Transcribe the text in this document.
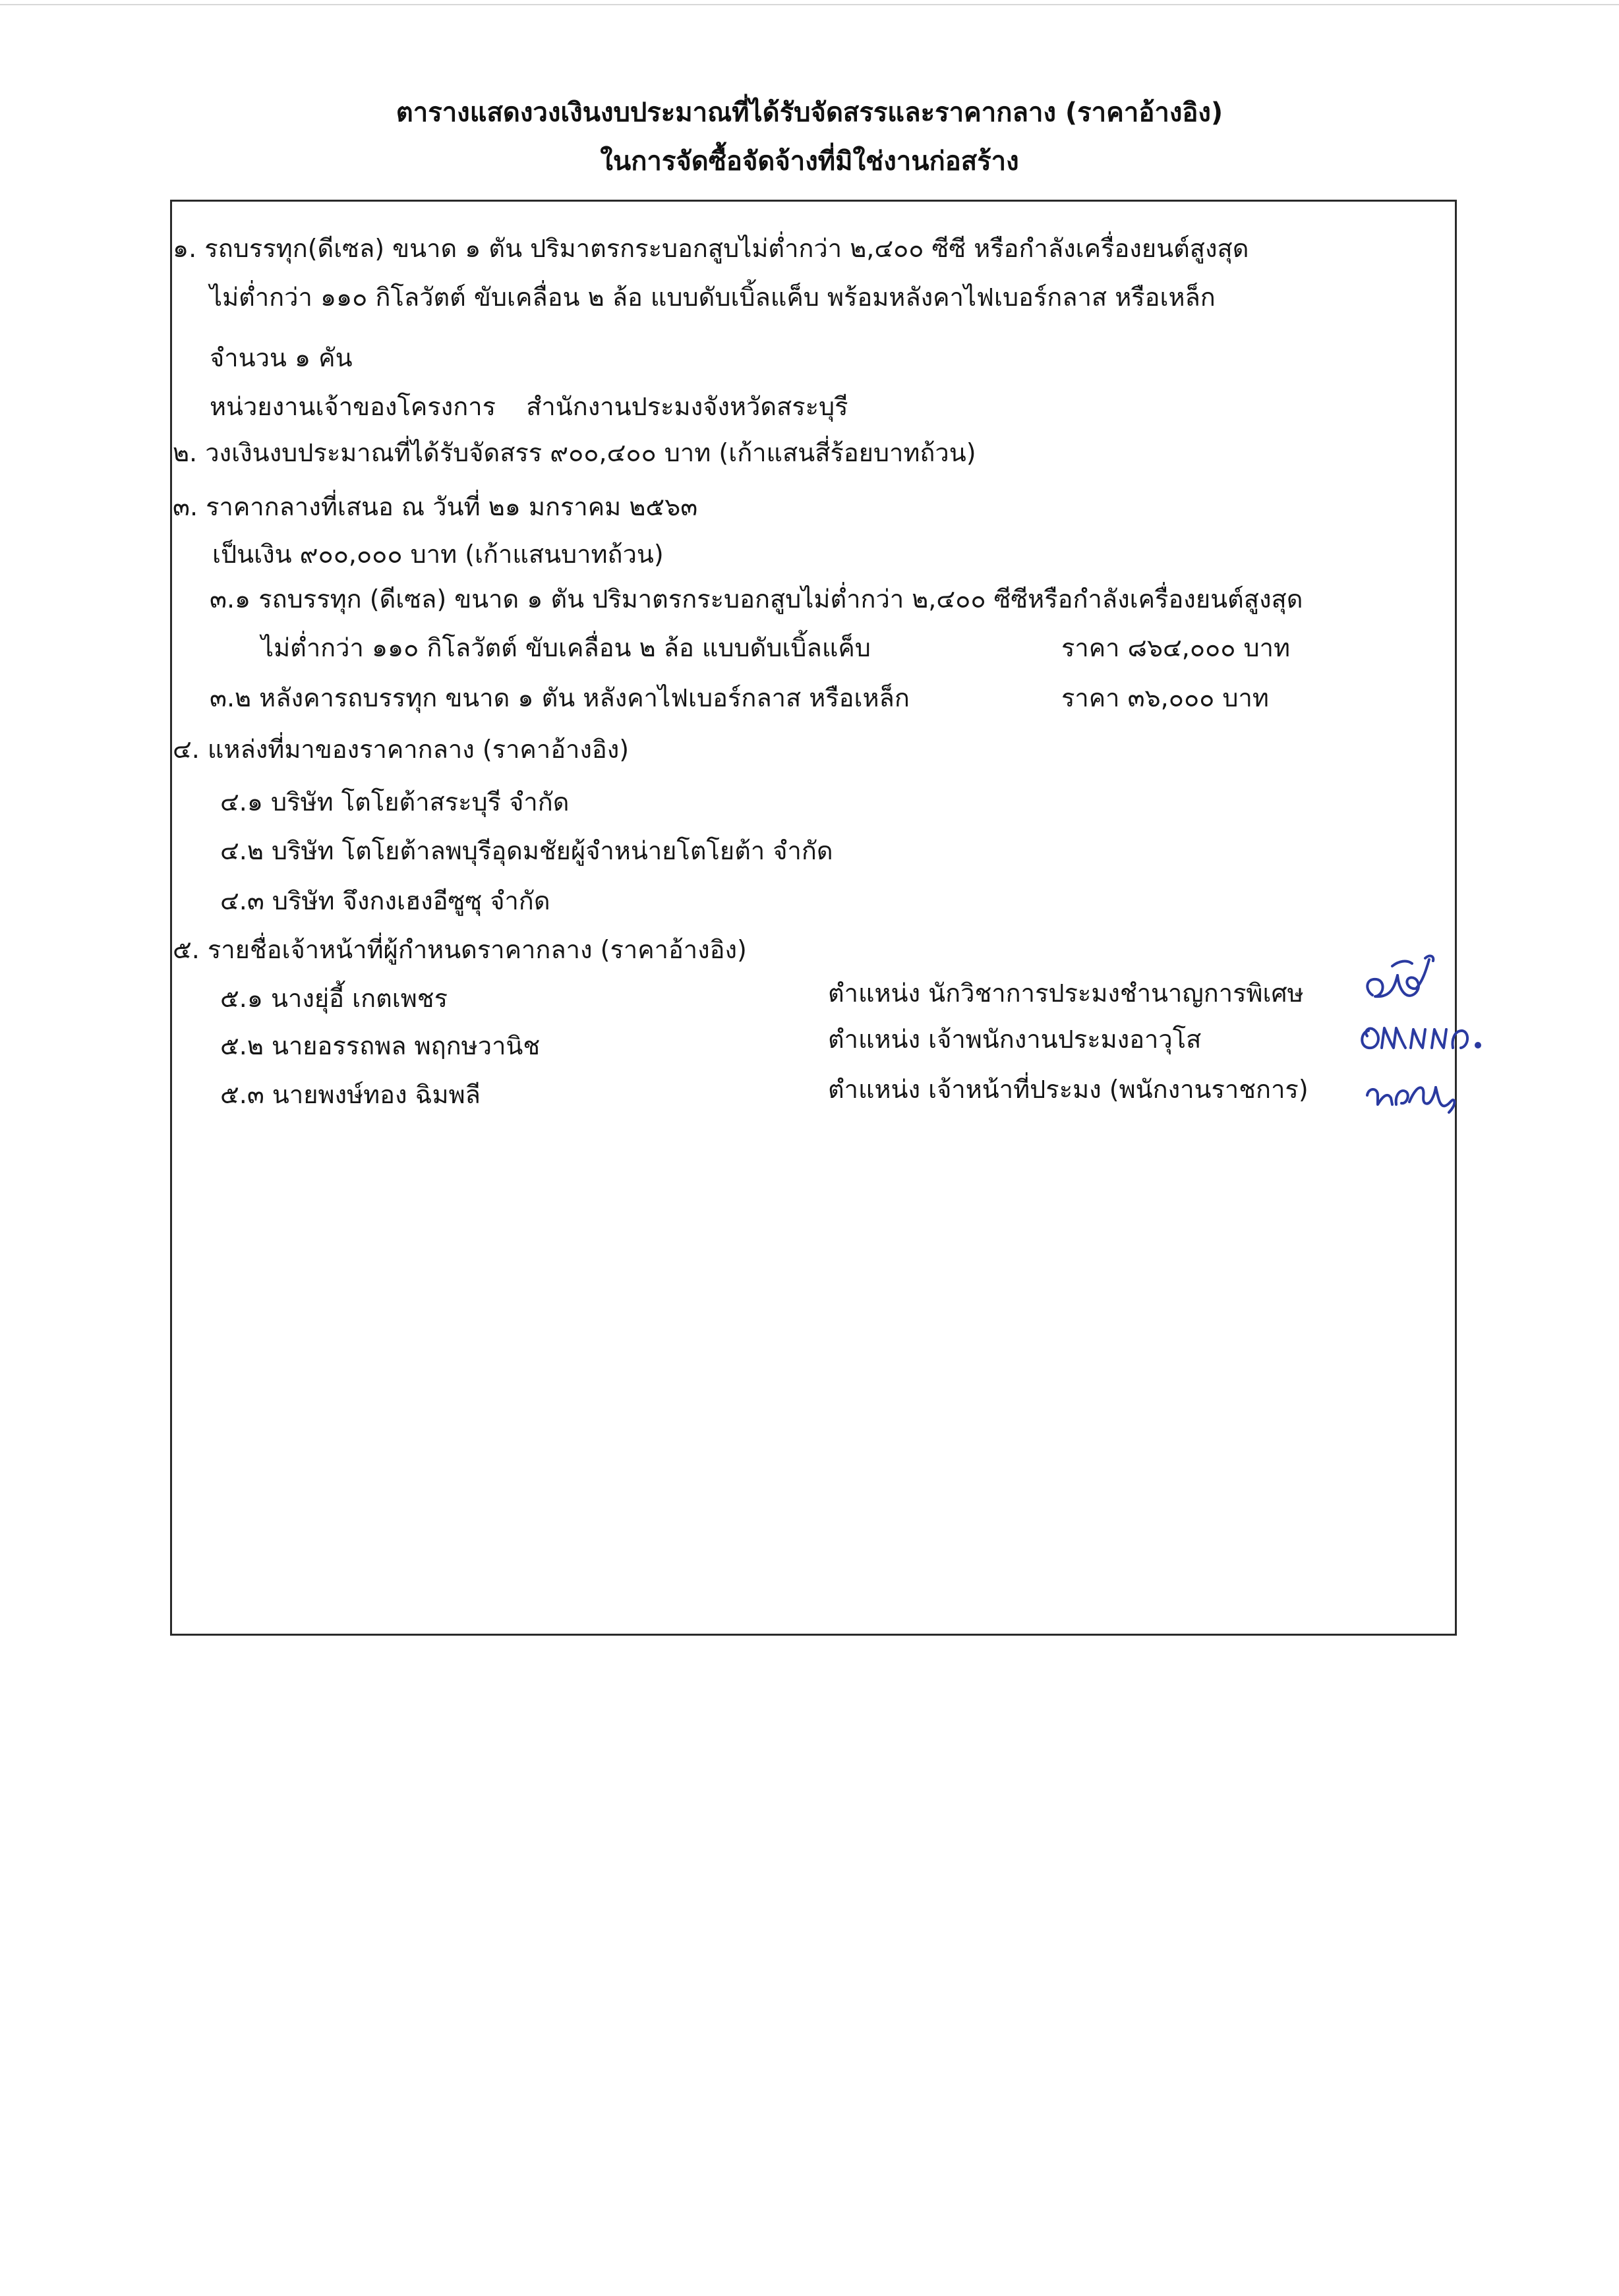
ตารางแสดงวงเงินงบประมาณที่ได้รับจัดสรรและราคากลาง (ราคาอ้างอิง)
ในการจัดซื้อจัดจ้างที่มิใช่งานก่อสร้าง
๑. รถบรรทุก(ดีเซล) ขนาด ๑ ตัน ปริมาตรกระบอกสูบไม่ต่ำกว่า ๒,๔๐๐ ซีซี หรือกำลังเครื่องยนต์สูงสุด
ไม่ต่ำกว่า ๑๑๐ กิโลวัตต์ ขับเคลื่อน ๒ ล้อ แบบดับเบิ้ลแค็บ พร้อมหลังคาไฟเบอร์กลาส หรือเหล็ก
จำนวน ๑ คัน
หน่วยงานเจ้าของโครงการ สำนักงานประมงจังหวัดสระบุรี
๒. วงเงินงบประมาณที่ได้รับจัดสรร ๙๐๐,๔๐๐ บาท (เก้าแสนสี่ร้อยบาทถ้วน)
๓. ราคากลางที่เสนอ ณ วันที่ ๒๑ มกราคม ๒๕๖๓
เป็นเงิน ๙๐๐,๐๐๐ บาท (เก้าแสนบาทถ้วน)
๓.๑ รถบรรทุก (ดีเซล) ขนาด ๑ ตัน ปริมาตรกระบอกสูบไม่ต่ำกว่า ๒,๔๐๐ ซีซีหรือกำลังเครื่องยนต์สูงสุด
ไม่ต่ำกว่า ๑๑๐ กิโลวัตต์ ขับเคลื่อน ๒ ล้อ แบบดับเบิ้ลแค็บ	ราคา ๘๖๔,๐๐๐ บาท
๓.๒ หลังคารถบรรทุก ขนาด ๑ ตัน หลังคาไฟเบอร์กลาส หรือเหล็ก	ราคา ๓๖,๐๐๐ บาท
๔. แหล่งที่มาของราคากลาง (ราคาอ้างอิง)
๔.๑ บริษัท โตโยต้าสระบุรี จำกัด
๔.๒ บริษัท โตโยต้าลพบุรีอุดมชัยผู้จำหน่ายโตโยต้า จำกัด
๔.๓ บริษัท จึงกงเฮงอีซูซุ จำกัด
๕. รายชื่อเจ้าหน้าที่ผู้กำหนดราคากลาง (ราคาอ้างอิง)
๕.๑ นางยุ่อี้ เกตเพชร	ตำแหน่ง นักวิชาการประมงชำนาญการพิเศษ
๕.๒ นายอรรถพล พฤกษวานิช	ตำแหน่ง เจ้าพนักงานประมงอาวุโส
๕.๓ นายพงษ์ทอง ฉิมพลี	ตำแหน่ง เจ้าหน้าที่ประมง (พนักงานราชการ)
